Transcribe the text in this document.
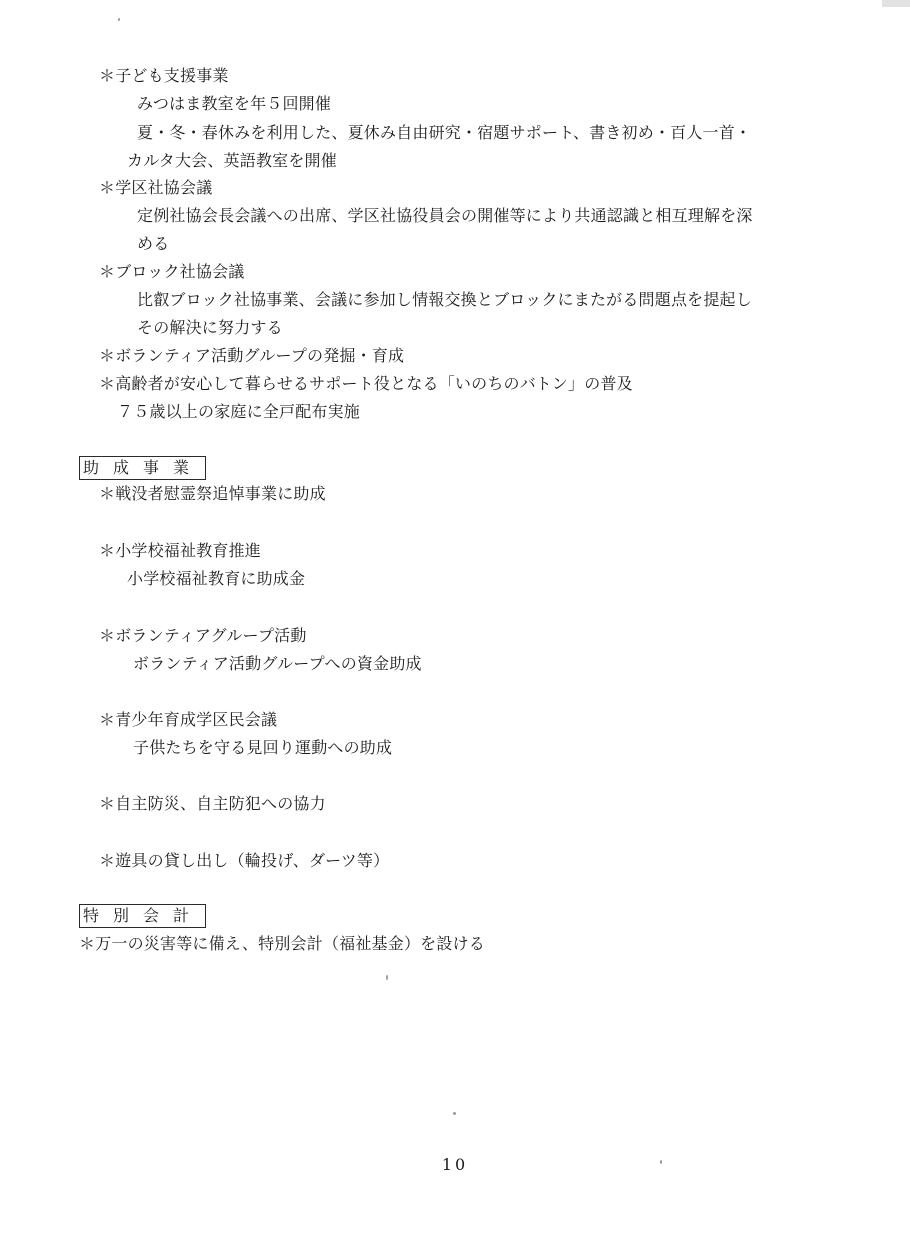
＊子ども支援事業
みつはま教室を年５回開催
夏・冬・春休みを利用した、夏休み自由研究・宿題サポート、書き初め・百人一首・
カルタ大会、英語教室を開催
＊学区社協会議
定例社協会長会議への出席、学区社協役員会の開催等により共通認識と相互理解を深
める
＊ブロック社協会議
比叡ブロック社協事業、会議に参加し情報交換とブロックにまたがる問題点を提起し
その解決に努力する
＊ボランティア活動グループの発掘・育成
＊高齢者が安心して暮らせるサポート役となる「いのちのバトン」の普及
７５歳以上の家庭に全戸配布実施
助 成 事 業
＊戦没者慰霊祭追悼事業に助成
＊小学校福祉教育推進
小学校福祉教育に助成金
＊ボランティアグループ活動
ボランティア活動グループへの資金助成
＊青少年育成学区民会議
子供たちを守る見回り運動への助成
＊自主防災、自主防犯への協力
＊遊具の貸し出し（輪投げ、ダーツ等）
特 別 会 計
＊万一の災害等に備え、特別会計（福祉基金）を設ける
10
